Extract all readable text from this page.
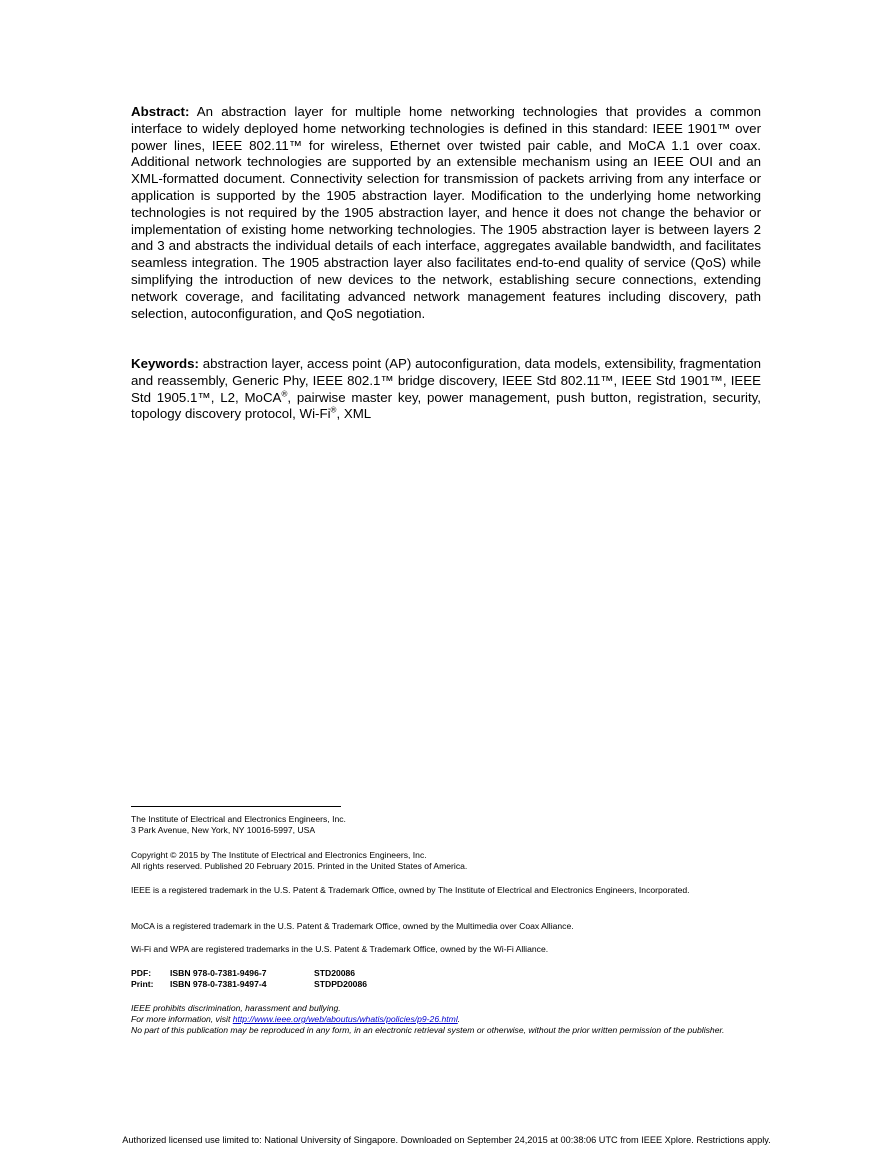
Abstract: An abstraction layer for multiple home networking technologies that provides a common interface to widely deployed home networking technologies is defined in this standard: IEEE 1901™ over power lines, IEEE 802.11™ for wireless, Ethernet over twisted pair cable, and MoCA 1.1 over coax. Additional network technologies are supported by an extensible mechanism using an IEEE OUI and an XML-formatted document. Connectivity selection for transmission of packets arriving from any interface or application is supported by the 1905 abstraction layer. Modification to the underlying home networking technologies is not required by the 1905 abstraction layer, and hence it does not change the behavior or implementation of existing home networking technologies. The 1905 abstraction layer is between layers 2 and 3 and abstracts the individual details of each interface, aggregates available bandwidth, and facilitates seamless integration. The 1905 abstraction layer also facilitates end-to-end quality of service (QoS) while simplifying the introduction of new devices to the network, establishing secure connections, extending network coverage, and facilitating advanced network management features including discovery, path selection, autoconfiguration, and QoS negotiation.

Keywords: abstraction layer, access point (AP) autoconfiguration, data models, extensibility, fragmentation and reassembly, Generic Phy, IEEE 802.1™ bridge discovery, IEEE Std 802.11™, IEEE Std 1901™, IEEE Std 1905.1™, L2, MoCA®, pairwise master key, power management, push button, registration, security, topology discovery protocol, Wi-Fi®, XML

The Institute of Electrical and Electronics Engineers, Inc.

3 Park Avenue, New York, NY 10016-5997, USA

Copyright © 2015 by The Institute of Electrical and Electronics Engineers, Inc.

All rights reserved. Published 20 February 2015. Printed in the United States of America.

IEEE is a registered trademark in the U.S. Patent & Trademark Office, owned by The Institute of Electrical and Electronics Engineers, Incorporated.

MoCA is a registered trademark in the U.S. Patent & Trademark Office, owned by the Multimedia over Coax Alliance.

Wi-Fi and WPA are registered trademarks in the U.S. Patent & Trademark Office, owned by the Wi-Fi Alliance.

PDF:	ISBN 978-0-7381-9496-7	STD20086
Print:	ISBN 978-0-7381-9497-4	STDPD20086

IEEE prohibits discrimination, harassment and bullying.

For more information, visit http://www.ieee.org/web/aboutus/whatis/policies/p9-26.html.

No part of this publication may be reproduced in any form, in an electronic retrieval system or otherwise, without the prior written permission of the publisher.

Authorized licensed use limited to: National University of Singapore. Downloaded on September 24,2015 at 00:38:06 UTC from IEEE Xplore. Restrictions apply.
